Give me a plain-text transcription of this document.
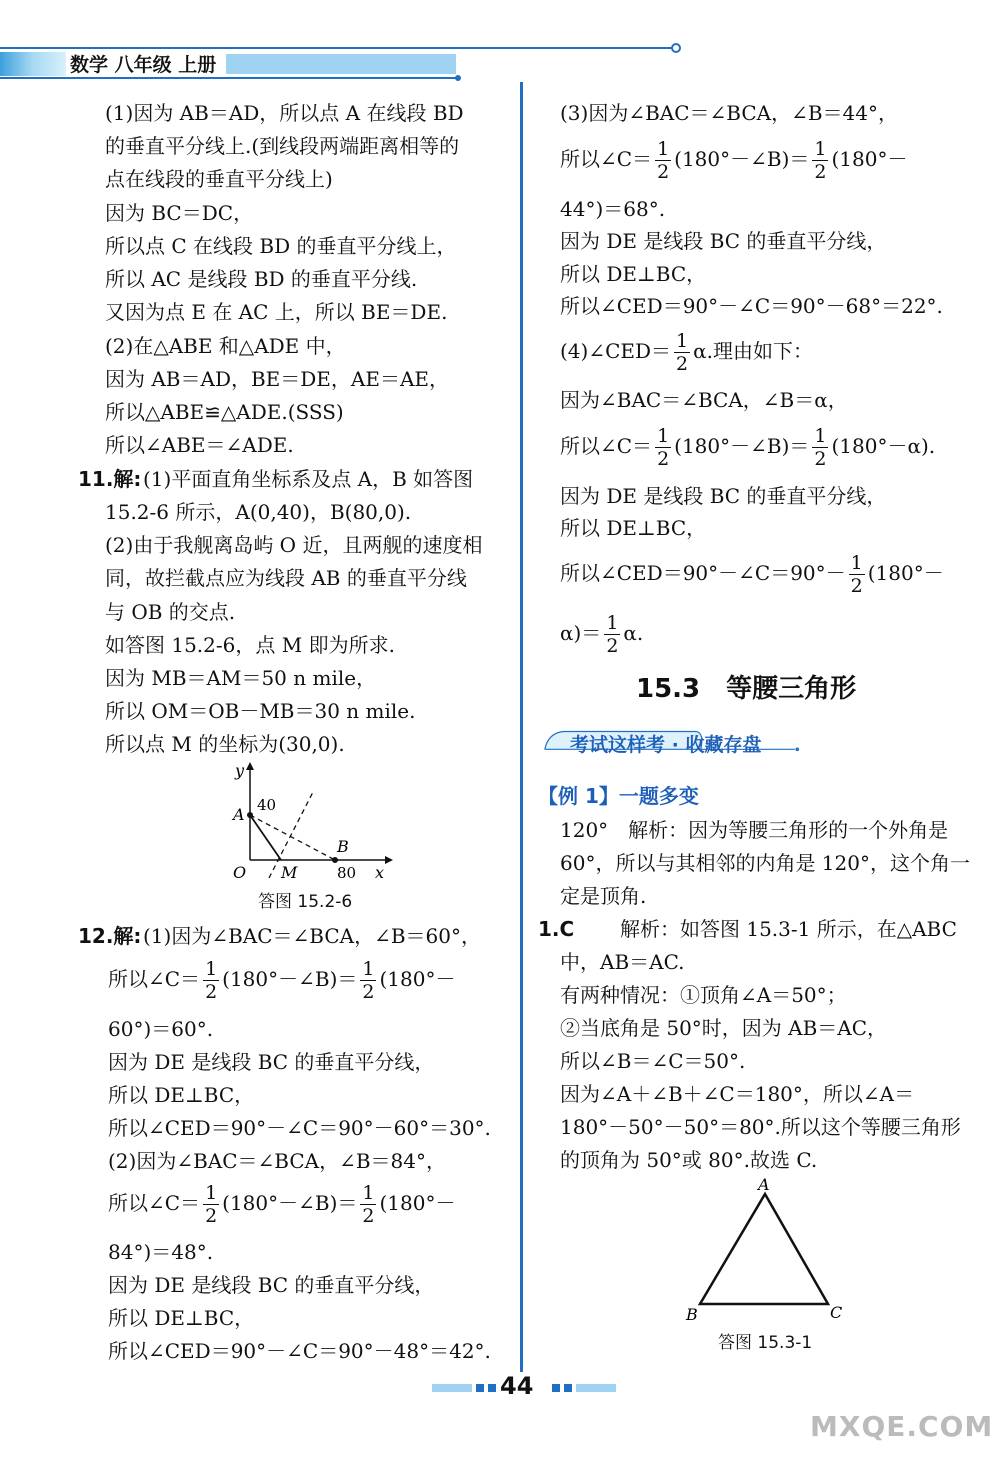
数学 八年级 上册
(1)因为 AB＝AD，所以点 A 在线段 BD
的垂直平分线上.(到线段两端距离相等的
点在线段的垂直平分线上)
因为 BC＝DC，
所以点 C 在线段 BD 的垂直平分线上，
所以 AC 是线段 BD 的垂直平分线.
又因为点 E 在 AC 上，所以 BE＝DE.
(2)在△ABE 和△ADE 中，
因为 AB＝AD，BE＝DE，AE＝AE，
所以△ABE≌△ADE.(SSS)
所以∠ABE＝∠ADE.
11.解: (1)平面直角坐标系及点 A，B 如答图
15.2-6 所示，A(0,40)，B(80,0).
(2)由于我舰离岛屿 O 近，且两舰的速度相
同，故拦截点应为线段 AB 的垂直平分线
与 OB 的交点.
如答图 15.2-6，点 M 即为所求.
因为 MB＝AM＝50 n mile，
所以 OM＝OB－MB＝30 n mile.
所以点 M 的坐标为(30,0).
y
x
A 40
B
80
O M
答图 15.2-6
12.解: (1)因为∠BAC＝∠BCA，∠B＝60°，
所以∠C＝ $\frac{1}{2}$ (180°－∠B)＝ $\frac{1}{2} (180^\circ-$
60°)＝60°.
因为 DE 是线段 BC 的垂直平分线，
所以 DE⊥BC，
所以∠CED＝90°－∠C＝90°－60°＝30°.
(2)因为∠BAC＝∠BCA，∠B＝84°，
所以∠C＝ $\frac{1}{2}$ (180°－∠B)＝ $\frac{1}{2} (180^\circ-$
84°)＝48°.
因为 DE 是线段 BC 的垂直平分线，
所以 DE⊥BC，
所以∠CED＝90°－∠C＝90°－48°＝42°.
(3)因为∠BAC＝∠BCA，∠B＝44°，
所以∠C＝ $\frac{1}{2}$ (180°－∠B)＝ $\frac{1}{2} (180^\circ-$
44°)＝68°.
因为 DE 是线段 BC 的垂直平分线，
所以 DE⊥BC，
所以∠CED＝90°－∠C＝90°－68°＝22°.
(4)∠CED＝ $\frac{1}{2} \alpha$.理由如下：
因为∠BAC＝∠BCA，∠B＝α，
所以∠C＝ $\frac{1}{2}$ (180°－∠B)＝ $\frac{1}{2} (180^\circ-\alpha)$.
因为 DE 是线段 BC 的垂直平分线，
所以 DE⊥BC，
所以∠CED＝90°－∠C＝90°－ $\frac{1}{2} (180^\circ-$
$\alpha)= \frac{1}{2} \alpha$.
15.3　等腰三角形
考试这样考 · 收藏存盘
【例 1】一题多变
120°　解析：因为等腰三角形的一个外角是
60°，所以与其相邻的内角是 120°，这个角一
定是顶角.
1.C 解析：如答图 15.3-1 所示，在△ABC
中，AB＝AC.
有两种情况：①顶角∠A＝50°；
②当底角是 50°时，因为 AB＝AC，
所以∠B＝∠C＝50°.
因为∠A＋∠B＋∠C＝180°，所以∠A＝
180°－50°－50°＝80°.所以这个等腰三角形
的顶角为 50°或 80°.故选 C.
A
B	C
答图 15.3-1
44
MXQE.COM
